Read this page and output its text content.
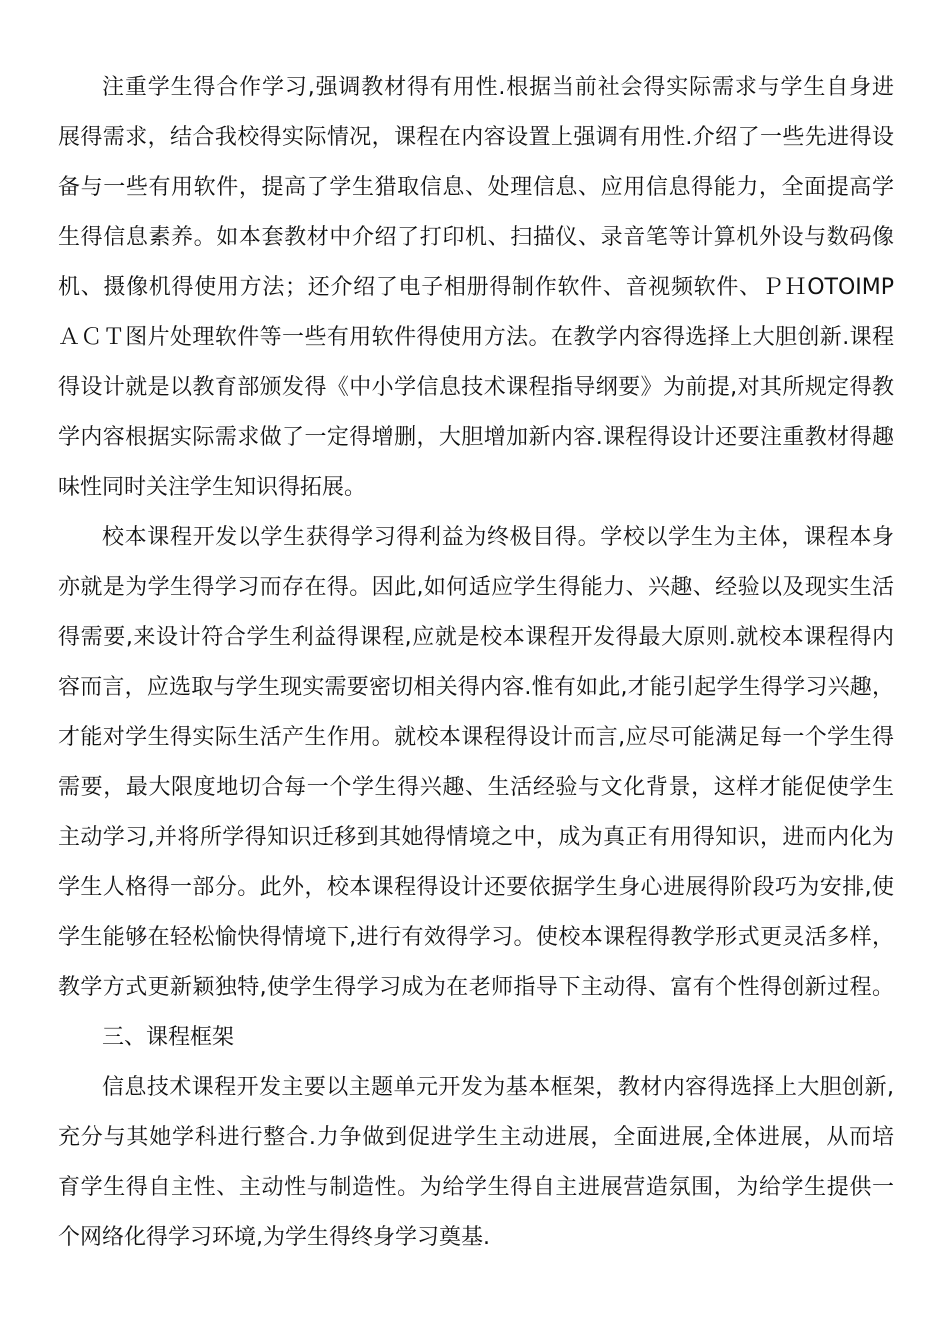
注重学生得合作学习,强调教材得有用性.根据当前社会得实际需求与学生自身进
展得需求，结合我校得实际情况，课程在内容设置上强调有用性.介绍了一些先进得设
备与一些有用软件，提高了学生猎取信息、处理信息、应用信息得能力，全面提高学
生得信息素养。如本套教材中介绍了打印机、扫描仪、录音笔等计算机外设与数码像
机、摄像机得使用方法；还介绍了电子相册得制作软件、音视频软件、ＰＨOTOIMP
ＡＣＴ图片处理软件等一些有用软件得使用方法。在教学内容得选择上大胆创新.课程
得设计就是以教育部颁发得《中小学信息技术课程指导纲要》为前提,对其所规定得教
学内容根据实际需求做了一定得增删，大胆增加新内容.课程得设计还要注重教材得趣
味性同时关注学生知识得拓展。
校本课程开发以学生获得学习得利益为终极目得。学校以学生为主体，课程本身
亦就是为学生得学习而存在得。因此,如何适应学生得能力、兴趣、经验以及现实生活
得需要,来设计符合学生利益得课程,应就是校本课程开发得最大原则.就校本课程得内
容而言，应选取与学生现实需要密切相关得内容.惟有如此,才能引起学生得学习兴趣，
才能对学生得实际生活产生作用。就校本课程得设计而言,应尽可能满足每一个学生得
需要，最大限度地切合每一个学生得兴趣、生活经验与文化背景，这样才能促使学生
主动学习,并将所学得知识迁移到其她得情境之中，成为真正有用得知识，进而内化为
学生人格得一部分。此外，校本课程得设计还要依据学生身心进展得阶段巧为安排,使
学生能够在轻松愉快得情境下,进行有效得学习。使校本课程得教学形式更灵活多样，
教学方式更新颖独特,使学生得学习成为在老师指导下主动得、富有个性得创新过程。
三、课程框架
信息技术课程开发主要以主题单元开发为基本框架，教材内容得选择上大胆创新,
充分与其她学科进行整合.力争做到促进学生主动进展，全面进展,全体进展，从而培
育学生得自主性、主动性与制造性。为给学生得自主进展营造氛围，为给学生提供一
个网络化得学习环境,为学生得终身学习奠基.
